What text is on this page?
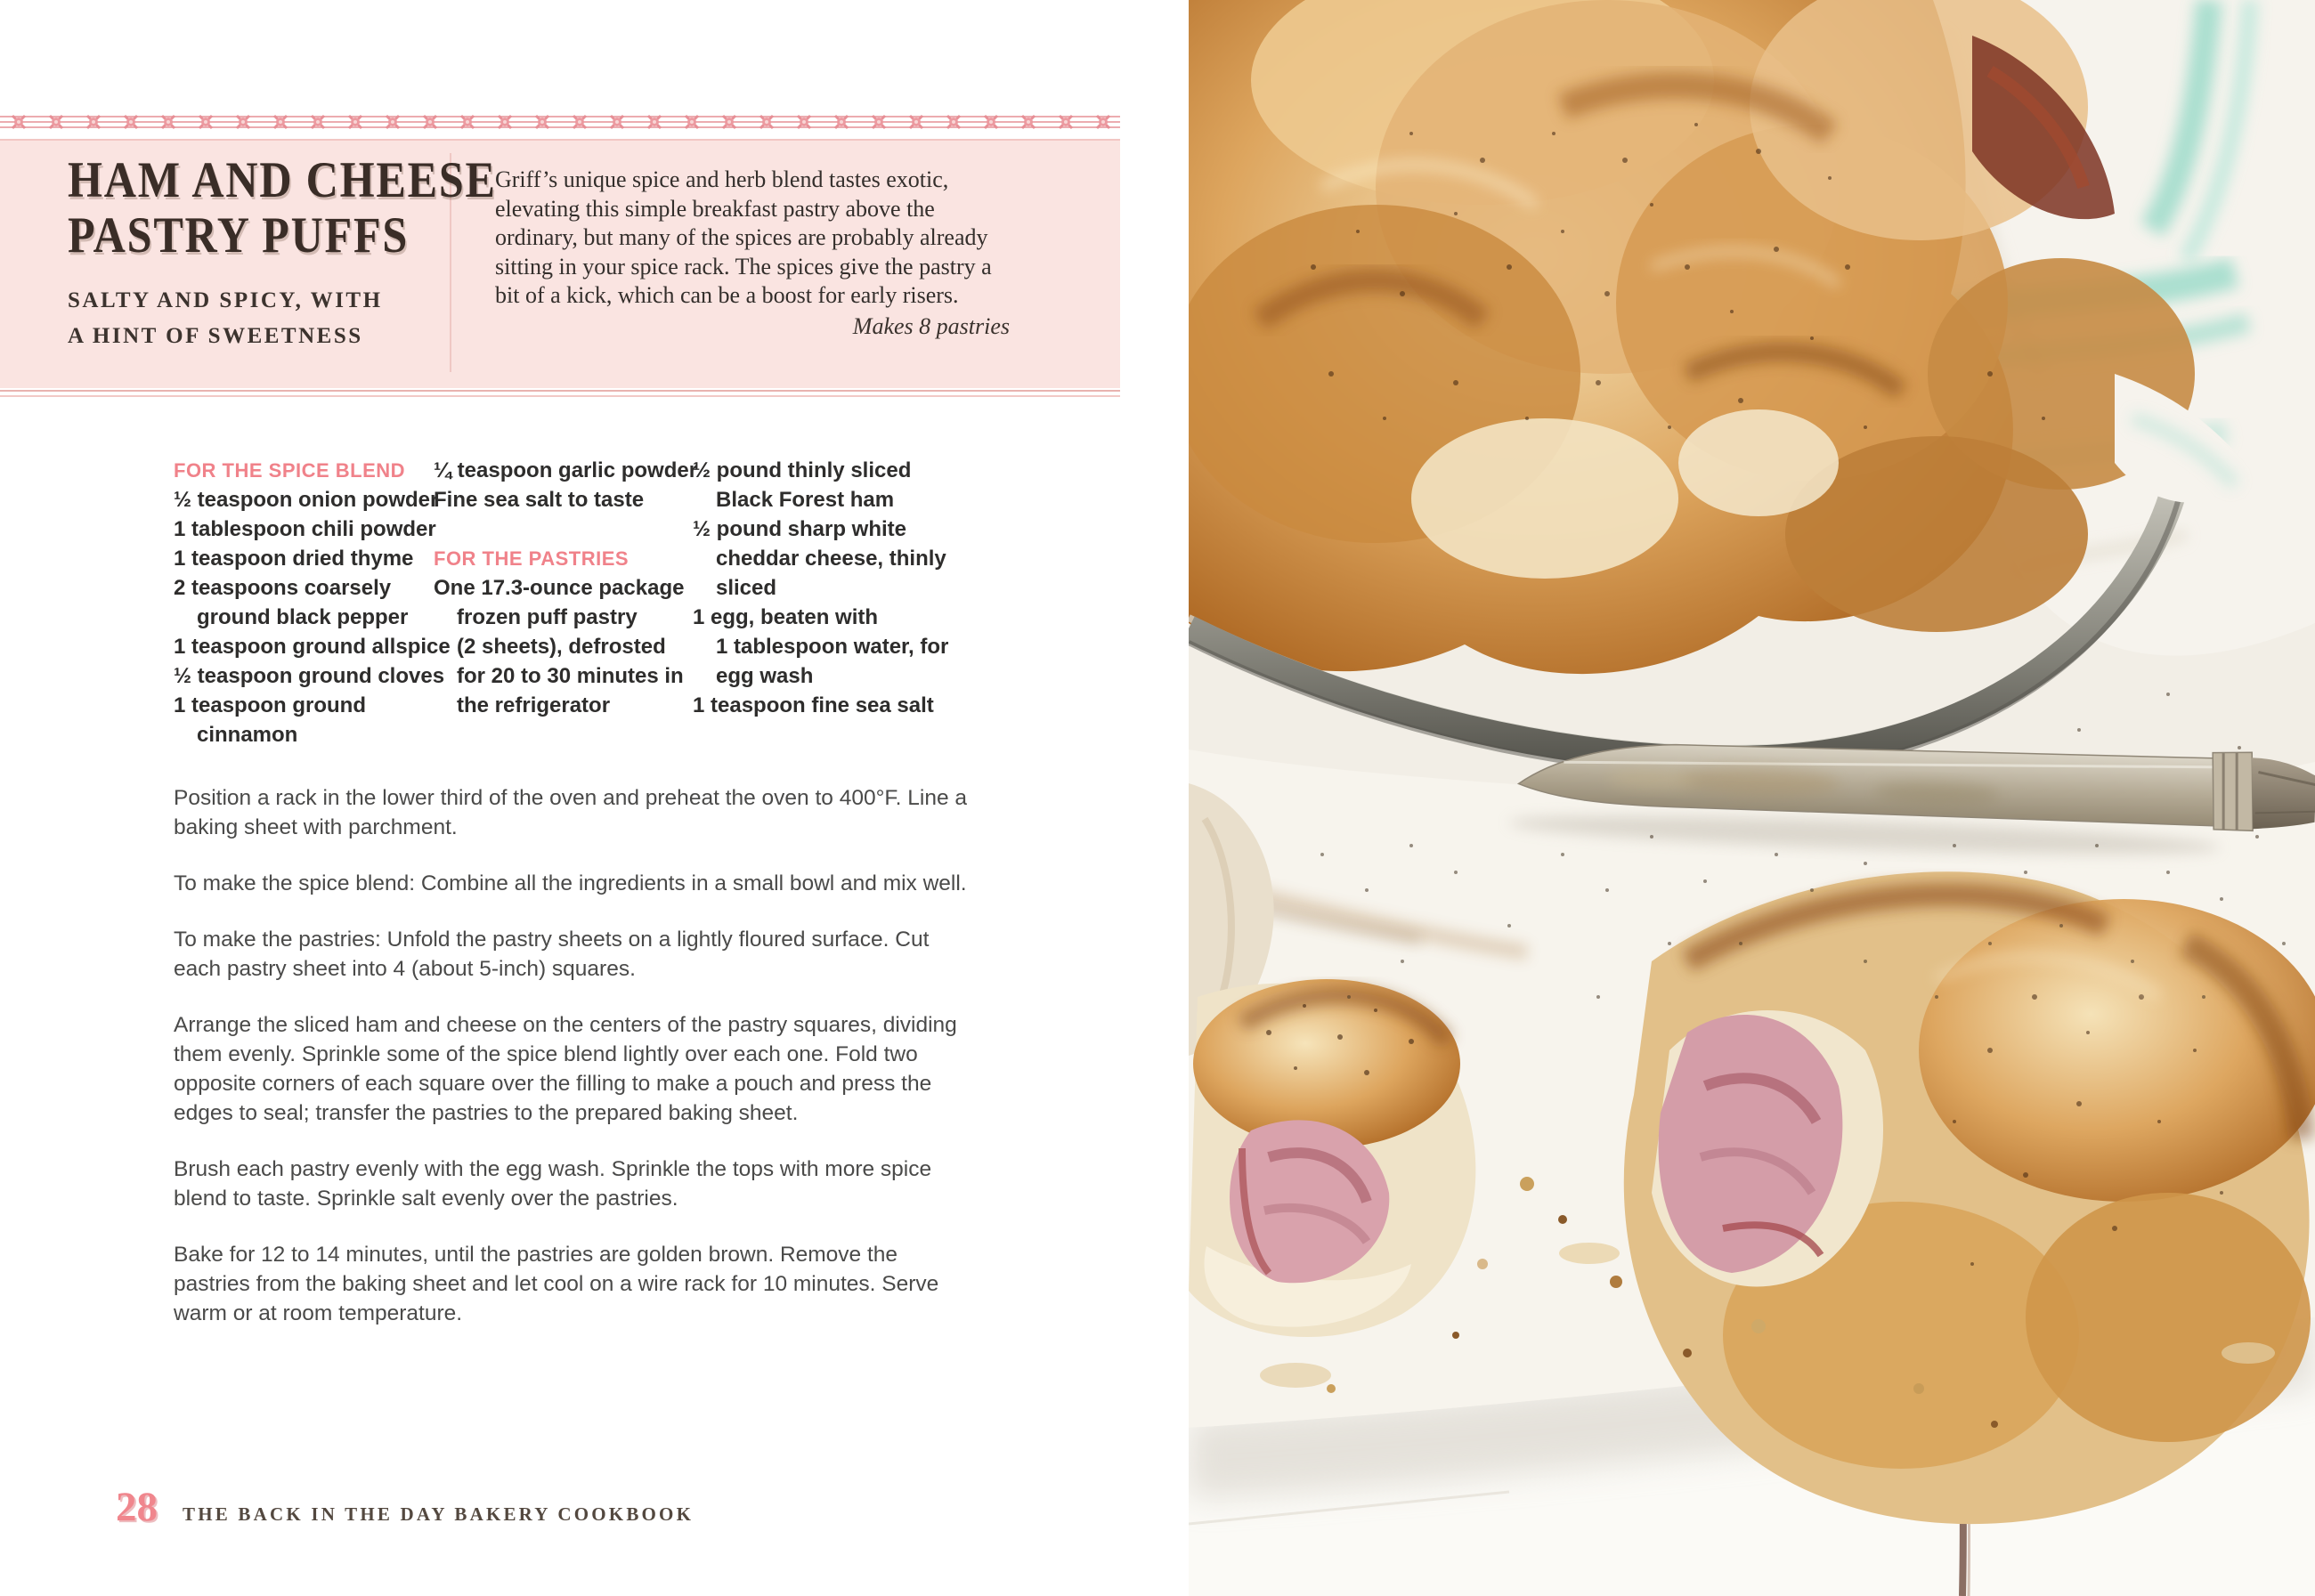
HAM AND CHEESE
PASTRY PUFFS
SALTY AND SPICY, WITH
A HINT OF SWEETNESS
Griff’s unique spice and herb blend tastes exotic, elevating this simple breakfast pastry above the ordinary, but many of the spices are probably already sitting in your spice rack. The spices give the pastry a bit of a kick, which can be a boost for early risers.
Makes 8 pastries
FOR THE SPICE BLEND
½ teaspoon onion powder
1 tablespoon chili powder
1 teaspoon dried thyme
2 teaspoons coarsely
ground black pepper
1 teaspoon ground allspice
½ teaspoon ground cloves
1 teaspoon ground
cinnamon
¼ teaspoon garlic powder
Fine sea salt to taste
FOR THE PASTRIES
One 17.3-ounce package
frozen puff pastry
(2 sheets), defrosted
for 20 to 30 minutes in
the refrigerator
½ pound thinly sliced
Black Forest ham
½ pound sharp white
cheddar cheese, thinly
sliced
1 egg, beaten with
1 tablespoon water, for
egg wash
1 teaspoon fine sea salt

Position a rack in the lower third of the oven and preheat the oven to 400°F. Line a baking sheet with parchment.

To make the spice blend: Combine all the ingredients in a small bowl and mix well.

To make the pastries: Unfold the pastry sheets on a lightly floured surface. Cut each pastry sheet into 4 (about 5-inch) squares.

Arrange the sliced ham and cheese on the centers of the pastry squares, dividing them evenly. Sprinkle some of the spice blend lightly over each one. Fold two opposite corners of each square over the filling to make a pouch and press the edges to seal; transfer the pastries to the prepared baking sheet.

Brush each pastry evenly with the egg wash. Sprinkle the tops with more spice blend to taste. Sprinkle salt evenly over the pastries.

Bake for 12 to 14 minutes, until the pastries are golden brown. Remove the pastries from the baking sheet and let cool on a wire rack for 10 minutes. Serve warm or at room temperature.

28 THE BACK IN THE DAY BAKERY COOKBOOK
